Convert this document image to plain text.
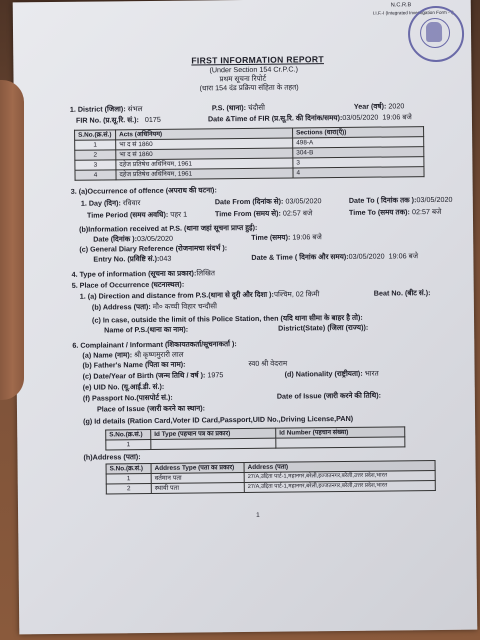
N.C.R.B
I.I.F.-I (Integrated Investigation Form - I)
FIRST INFORMATION REPORT
(Under Section 154 Cr.P.C.)
प्रथम सूचना रिपोर्ट
(धारा 154 दंड प्रक्रिया संहिता के तहत)
1. District (जिला): संभल	P.S. (थाना): चंदौसी	Year (वर्ष): 2020
FIR No. (प्र.सू.रि. सं.): 0175	Date &Time of FIR (प्र.सू.रि. की दिनांक/समय):03/05/2020 19:06 बजे
S.No.(क्र.सं.)	Acts (अधिनियम)	Sections (धारा(एँ))
1	भा द सं 1860	498-A
2	भा द सं 1860	304-B
3	दहेज प्रतिषेध अधिनियम, 1961	3
4	दहेज प्रतिषेध अधिनियम, 1961	4
3. (a)Occurrence of offence (अपराध की घटना):
1. Day (दिन): रविवार	Date From (दिनांक से): 03/05/2020	Date To ( दिनांक तक ):03/05/2020
Time Period (समय अवधि): पहर 1	Time From (समय से): 02:57 बजे	Time To (समय तक): 02:57 बजे
(b)Information received at P.S. (थाना जहां सूचना प्राप्त हुई):
Date (दिनांक ):03/05/2020	Time (समय): 19:06 बजे
(c) General Diary Reference (रोजनामचा संदर्भ ):
Entry No. (प्रविष्टि सं.):043	Date & Time ( दिनांक और समय):03/05/2020 19:06 बजे
4. Type of information (सूचना का प्रकार):लिखित
5. Place of Occurrence (घटनास्थल):
1. (a) Direction and distance from P.S.(थाना से दूरी और दिशा ):पश्चिम, 02 किमी	Beat No. (बीट सं.):
(b) Address (पता): मौ० कच्ची विहार चन्दौसी
(c) In case, outside the limit of this Police Station, then (यदि थाना सीमा के बाहर है तो):
Name of P.S.(थाना का नाम):	District(State) (जिला (राज्य)):
6. Complainant / Informant (शिकायतकर्ता/सूचनाकर्ता ):
(a) Name (नाम): श्री कृष्णमुरारी लाल
(b) Father's Name (पिता का नाम):	स्व0 श्री वेदराम
(c) Date/Year of Birth (जन्म तिथि / वर्ष ): 1975	(d) Nationality (राष्ट्रीयता): भारत
(e) UID No. (यू.आई.डी. सं.):
(f) Passport No.(पासपोर्ट सं.):	Date of Issue (जारी करने की तिथि):
Place of Issue (जारी करने का स्थान):
(g) Id details (Ration Card,Voter ID Card,Passport,UID No.,Driving License,PAN)
S.No.(क्र.सं.)	Id Type (पहचान पत्र का प्रकार)	Id Number (पहचान संख्या)
1		
(h)Address (पता):
S.No.(क्र.सं.)	Address Type (पता का प्रकार)	Address (पता)
1	वर्तमान पता	27/A,उद्दिता पार्ट-1,महानगर,बरेली,इज्जतनगर,बरेली,उत्तर प्रदेश,भारत
2	स्थायी पता	27/A,उद्दिता पार्ट-1,महानगर,बरेली,इज्जतनगर,बरेली,उत्तर प्रदेश,भारत
1
